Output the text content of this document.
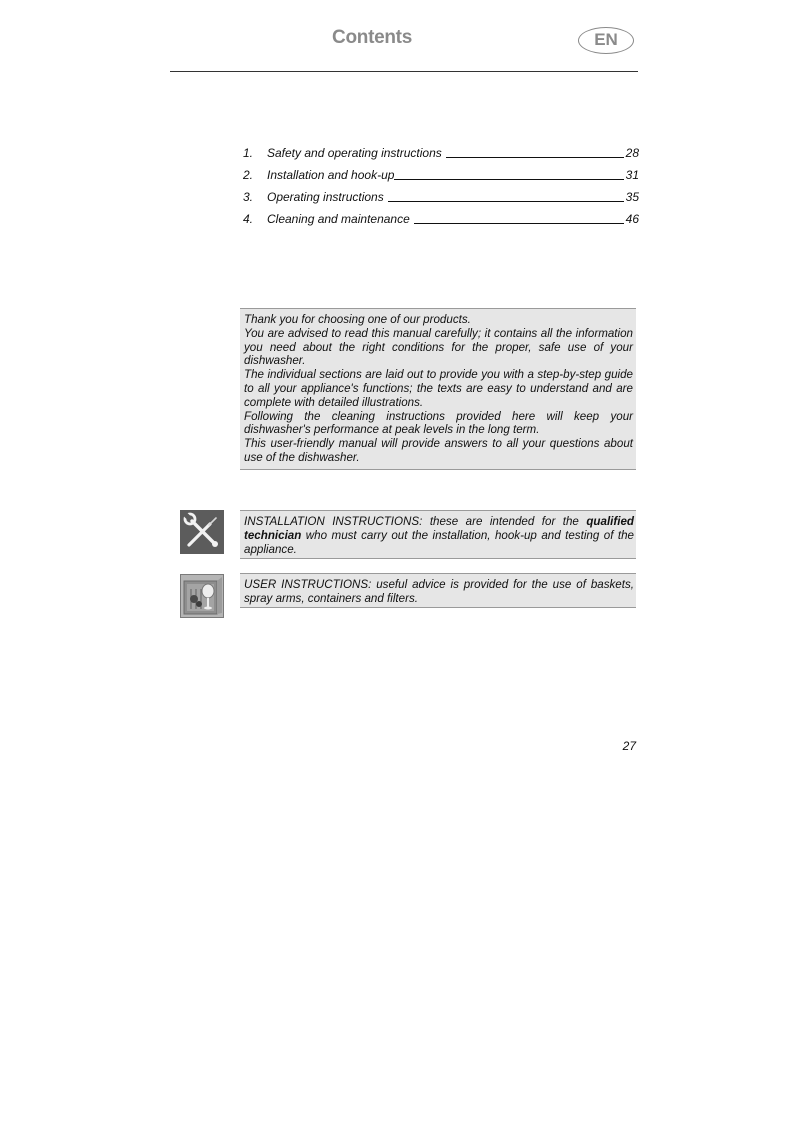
Contents	EN
1.	Safety and operating instructions	28
2.	Installation and hook-up	31
3.	Operating instructions	35
4.	Cleaning and maintenance	46

Thank you for choosing one of our products.

You are advised to read this manual carefully; it contains all the information you need about the right conditions for the proper, safe use of your dishwasher.

The individual sections are laid out to provide you with a step-by-step guide to all your appliance's functions; the texts are easy to understand and are complete with detailed illustrations.

Following the cleaning instructions provided here will keep your dishwasher's performance at peak levels in the long term.

This user-friendly manual will provide answers to all your questions about use of the dishwasher.

INSTALLATION INSTRUCTIONS: these are intended for the qualified technician who must carry out the installation, hook-up and testing of the appliance.
USER INSTRUCTIONS: useful advice is provided for the use of baskets, spray arms, containers and filters.
27
